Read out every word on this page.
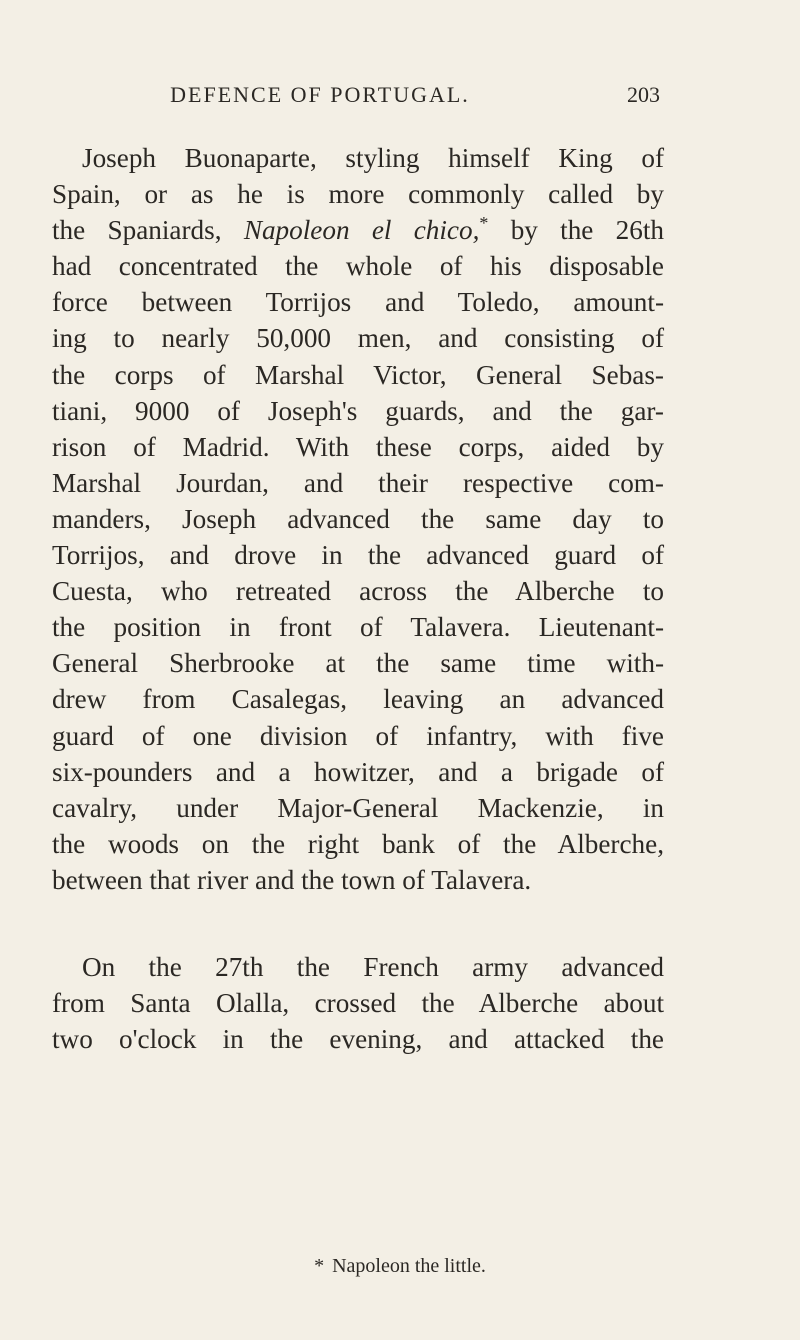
DEFENCE OF PORTUGAL.	203
Joseph Buonaparte, styling himself King of
Spain, or as he is more commonly called by
the Spaniards, Napoleon el chico,* by the 26th
had concentrated the whole of his disposable
force between Torrijos and Toledo, amount-
ing to nearly 50,000 men, and consisting of
the corps of Marshal Victor, General Sebas-
tiani, 9000 of Joseph's guards, and the gar-
rison of Madrid. With these corps, aided by
Marshal Jourdan, and their respective com-
manders, Joseph advanced the same day to
Torrijos, and drove in the advanced guard of
Cuesta, who retreated across the Alberche to
the position in front of Talavera. Lieutenant-
General Sherbrooke at the same time with-
drew from Casalegas, leaving an advanced
guard of one division of infantry, with five
six-pounders and a howitzer, and a brigade of
cavalry, under Major-General Mackenzie, in
the woods on the right bank of the Alberche,
between that river and the town of Talavera.
On the 27th the French army advanced
from Santa Olalla, crossed the Alberche about
two o'clock in the evening, and attacked the
* Napoleon the little.
